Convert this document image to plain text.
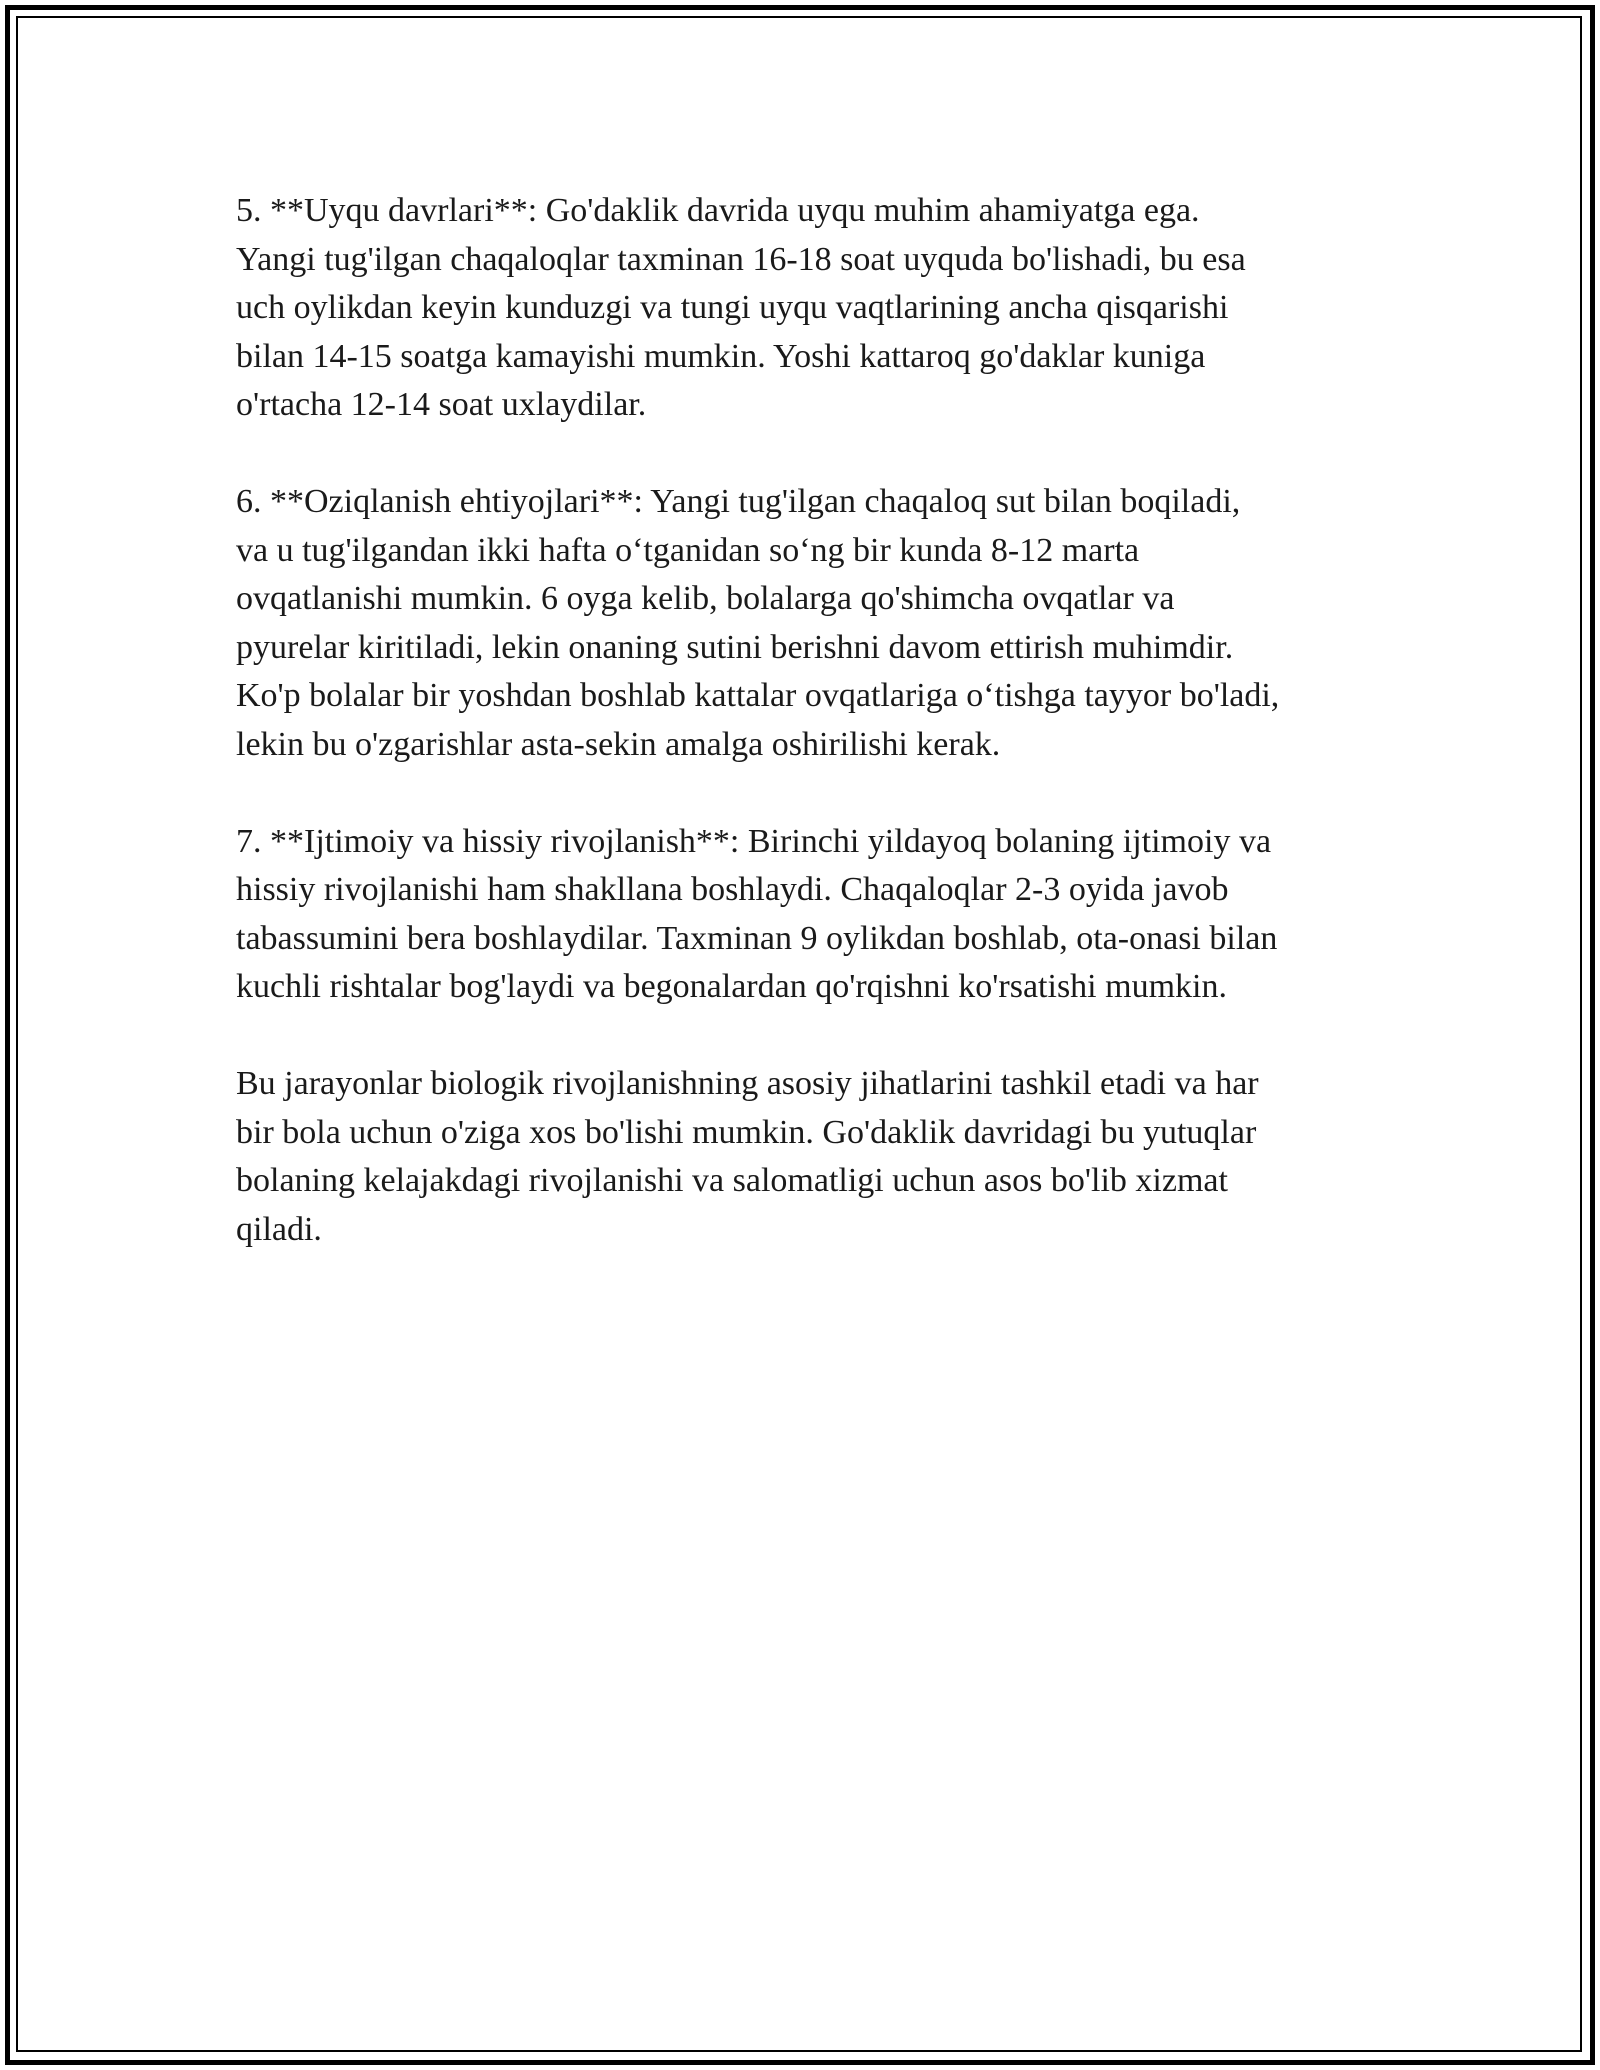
5. **Uyqu davrlari**: Go'daklik davrida uyqu muhim ahamiyatga ega.
Yangi tug'ilgan chaqaloqlar taxminan 16-18 soat uyquda bo'lishadi, bu esa
uch oylikdan keyin kunduzgi va tungi uyqu vaqtlarining ancha qisqarishi
bilan 14-15 soatga kamayishi mumkin. Yoshi kattaroq go'daklar kuniga
o'rtacha 12-14 soat uxlaydilar.

6. **Oziqlanish ehtiyojlari**: Yangi tug'ilgan chaqaloq sut bilan boqiladi,
va u tug'ilgandan ikki hafta oʻtganidan soʻng bir kunda 8-12 marta
ovqatlanishi mumkin. 6 oyga kelib, bolalarga qo'shimcha ovqatlar va
pyurelar kiritiladi, lekin onaning sutini berishni davom ettirish muhimdir.
Ko'p bolalar bir yoshdan boshlab kattalar ovqatlariga oʻtishga tayyor bo'ladi,
lekin bu o'zgarishlar asta-sekin amalga oshirilishi kerak.

7. **Ijtimoiy va hissiy rivojlanish**: Birinchi yildayoq bolaning ijtimoiy va
hissiy rivojlanishi ham shakllana boshlaydi. Chaqaloqlar 2-3 oyida javob
tabassumini bera boshlaydilar. Taxminan 9 oylikdan boshlab, ota-onasi bilan
kuchli rishtalar bog'laydi va begonalardan qo'rqishni ko'rsatishi mumkin.

Bu jarayonlar biologik rivojlanishning asosiy jihatlarini tashkil etadi va har
bir bola uchun o'ziga xos bo'lishi mumkin. Go'daklik davridagi bu yutuqlar
bolaning kelajakdagi rivojlanishi va salomatligi uchun asos bo'lib xizmat
qiladi.
